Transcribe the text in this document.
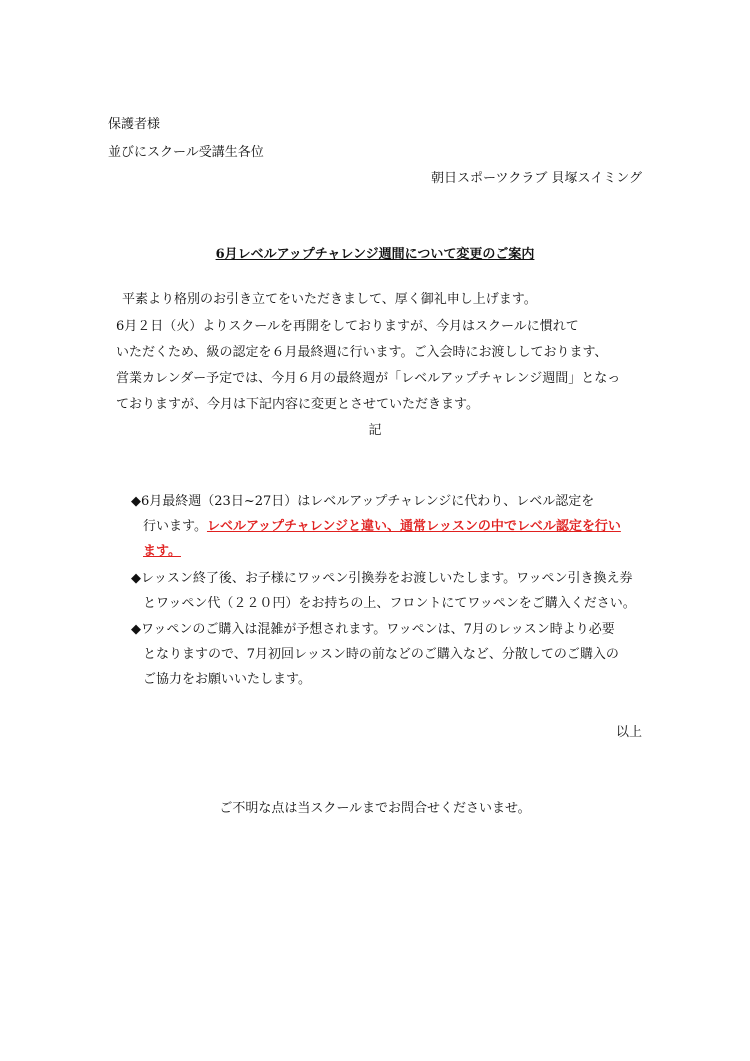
保護者様
並びにスクール受講生各位
朝日スポーツクラブ 貝塚スイミング
6月レベルアップチャレンジ週間について変更のご案内
平素より格別のお引き立てをいただきまして、厚く御礼申し上げます。
6月２日（火）よりスクールを再開をしておりますが、今月はスクールに慣れて
いただくため、級の認定を６月最終週に行います。ご入会時にお渡ししております、
営業カレンダー予定では、今月６月の最終週が「レベルアップチャレンジ週間」となっ
ておりますが、今月は下記内容に変更とさせていただきます。
記
◆6月最終週（23日~27日）はレベルアップチャレンジに代わり、レベル認定を
行います。レベルアップチャレンジと違い、通常レッスンの中でレベル認定を行い
ます。
◆レッスン終了後、お子様にワッペン引換券をお渡しいたします。ワッペン引き換え券
とワッペン代（２２０円）をお持ちの上、フロントにてワッペンをご購入ください。
◆ワッペンのご購入は混雑が予想されます。ワッペンは、7月のレッスン時より必要
となりますので、7月初回レッスン時の前などのご購入など、分散してのご購入の
ご協力をお願いいたします。
以上
ご不明な点は当スクールまでお問合せくださいませ。
